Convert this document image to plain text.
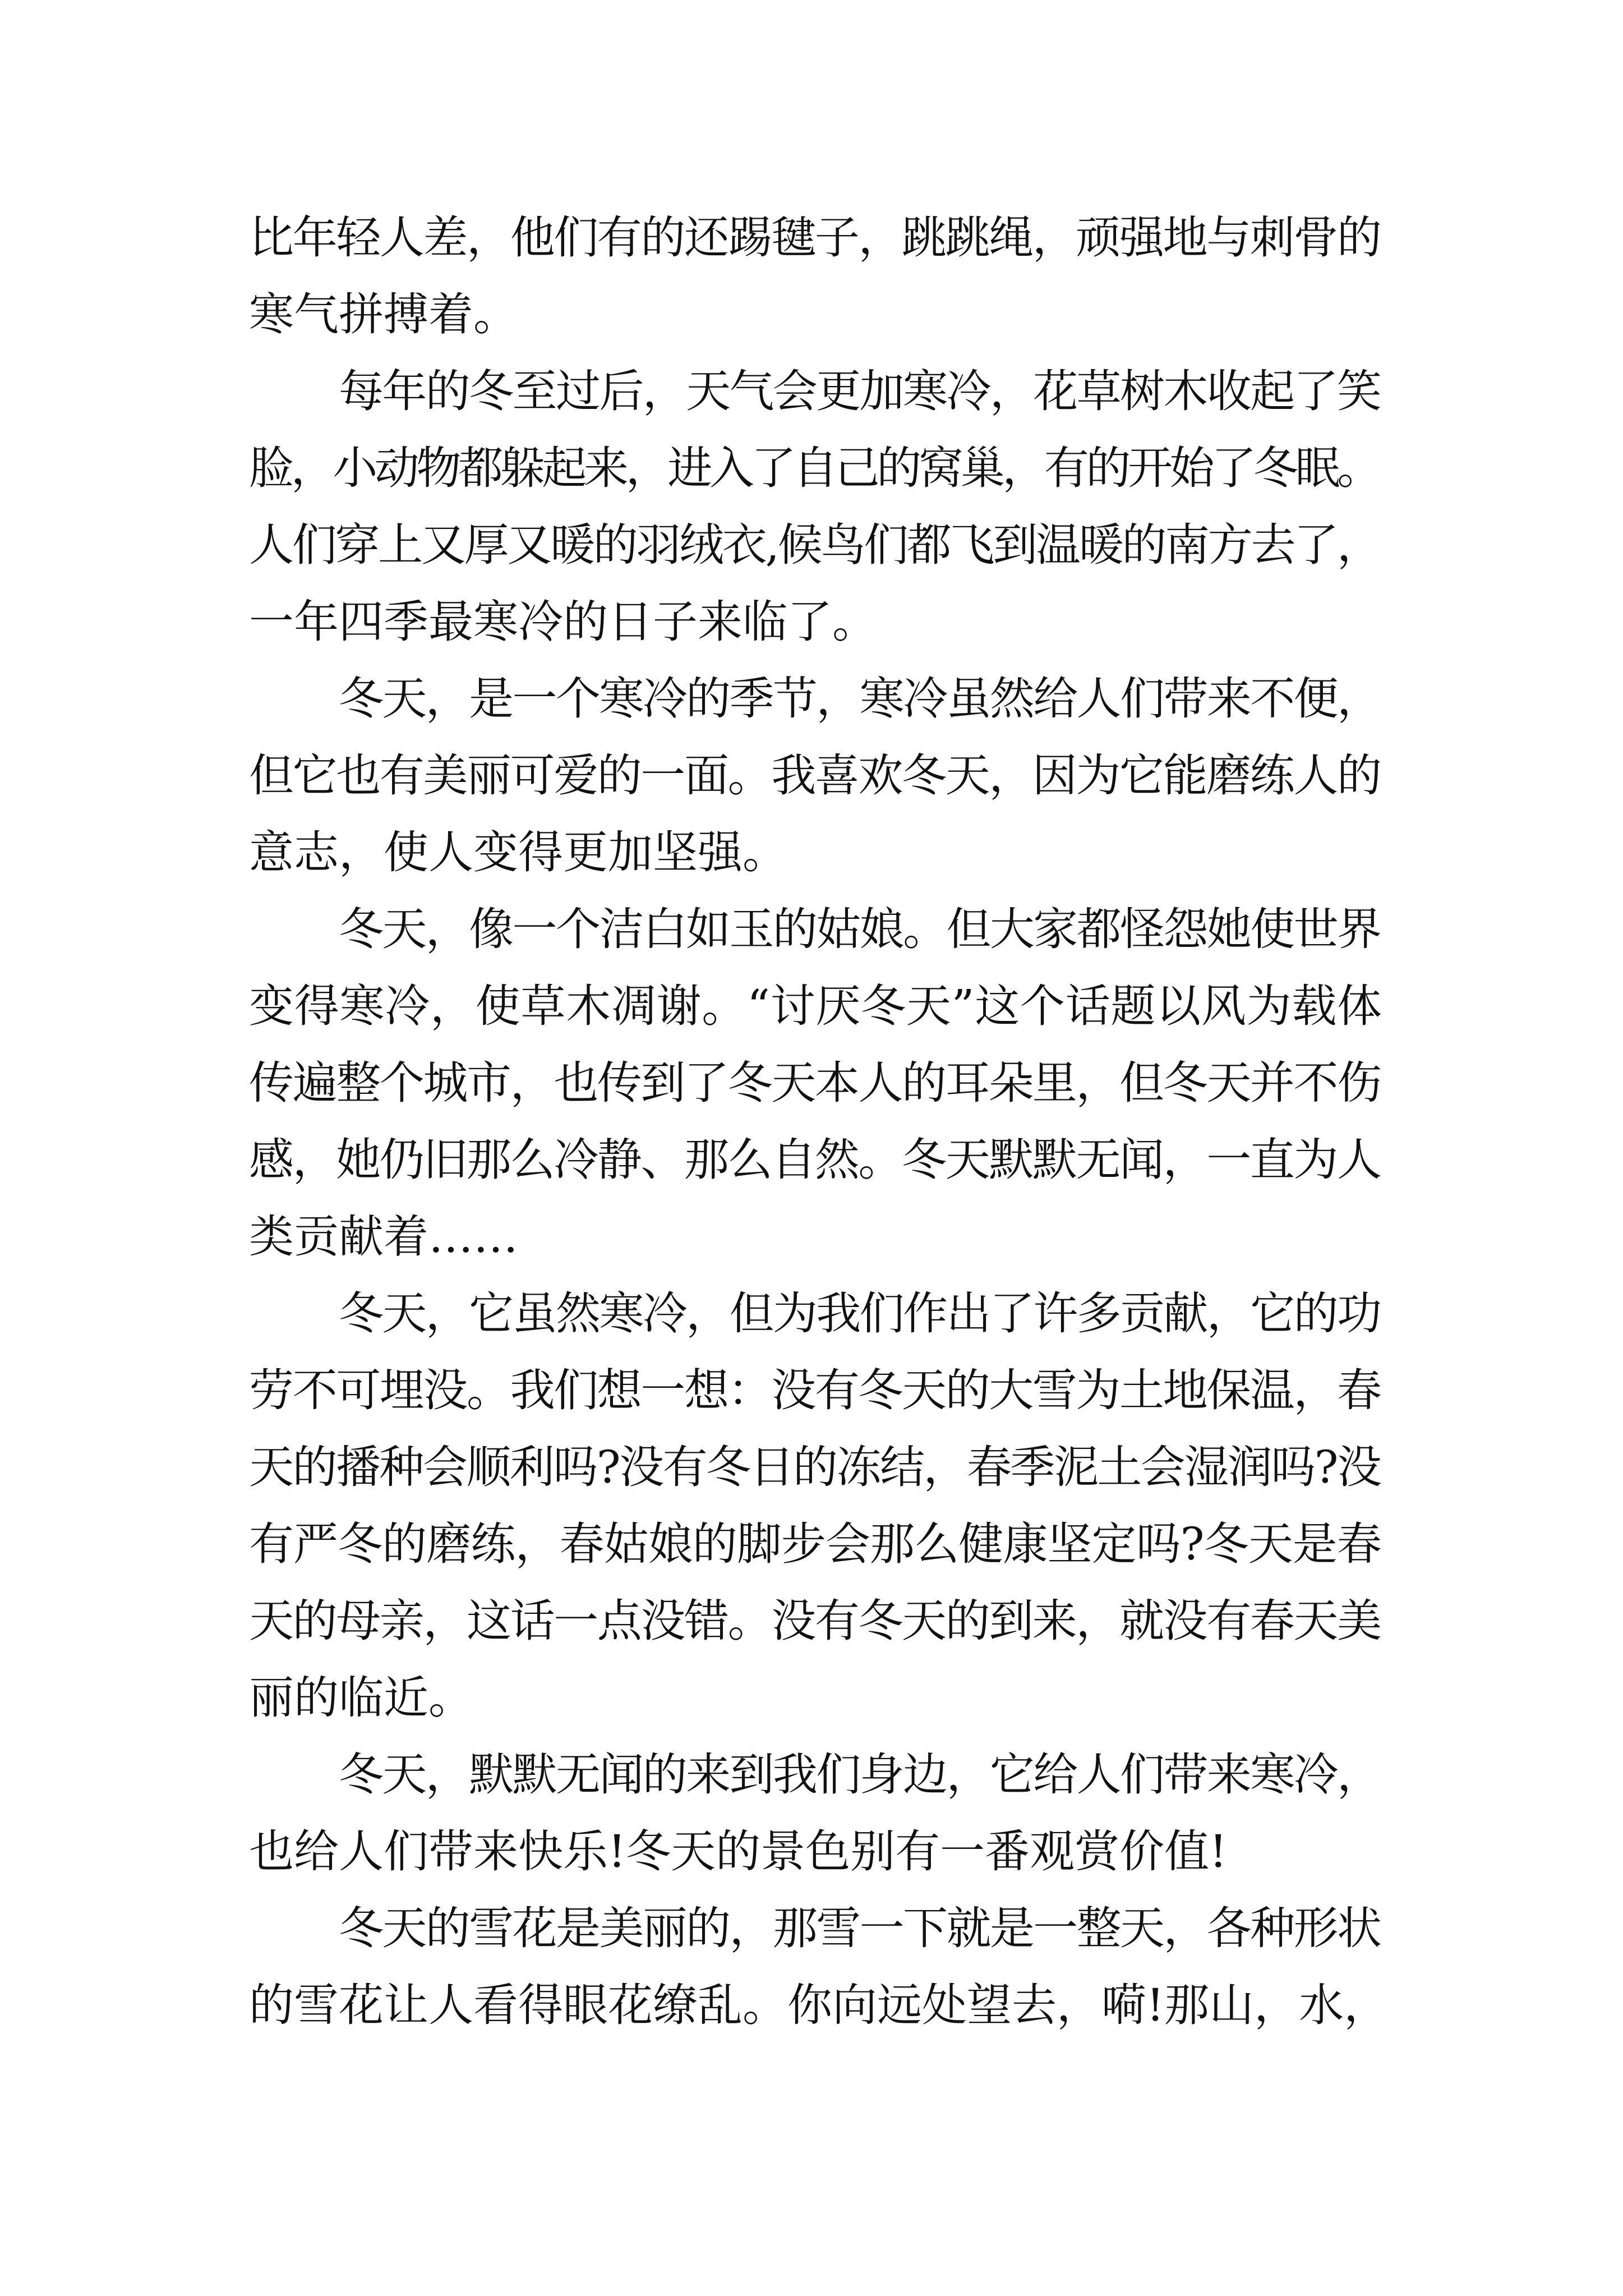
比年轻人差，他们有的还踢毽子，跳跳绳，顽强地与刺骨的
寒气拼搏着。
每年的冬至过后，天气会更加寒冷，花草树木收起了笑
脸，小动物都躲起来，进入了自己的窝巢，有的开始了冬眠。
人们穿上又厚又暖的羽绒衣,候鸟们都飞到温暖的南方去了，
一年四季最寒冷的日子来临了。
冬天，是一个寒冷的季节，寒冷虽然给人们带来不便，
但它也有美丽可爱的一面。我喜欢冬天，因为它能磨练人的
意志，使人变得更加坚强。
冬天，像一个洁白如玉的姑娘。但大家都怪怨她使世界
变得寒冷，使草木凋谢。“讨厌冬天”这个话题以风为载体
传遍整个城市，也传到了冬天本人的耳朵里，但冬天并不伤
感，她仍旧那么冷静、那么自然。冬天默默无闻，一直为人
类贡献着……
冬天，它虽然寒冷，但为我们作出了许多贡献，它的功
劳不可埋没。我们想一想：没有冬天的大雪为土地保温，春
天的播种会顺利吗?没有冬日的冻结，春季泥土会湿润吗?没
有严冬的磨练，春姑娘的脚步会那么健康坚定吗?冬天是春
天的母亲，这话一点没错。没有冬天的到来，就没有春天美
丽的临近。
冬天，默默无闻的来到我们身边，它给人们带来寒冷，
也给人们带来快乐!冬天的景色别有一番观赏价值!
冬天的雪花是美丽的，那雪一下就是一整天，各种形状
的雪花让人看得眼花缭乱。你向远处望去，嗬!那山，水，
